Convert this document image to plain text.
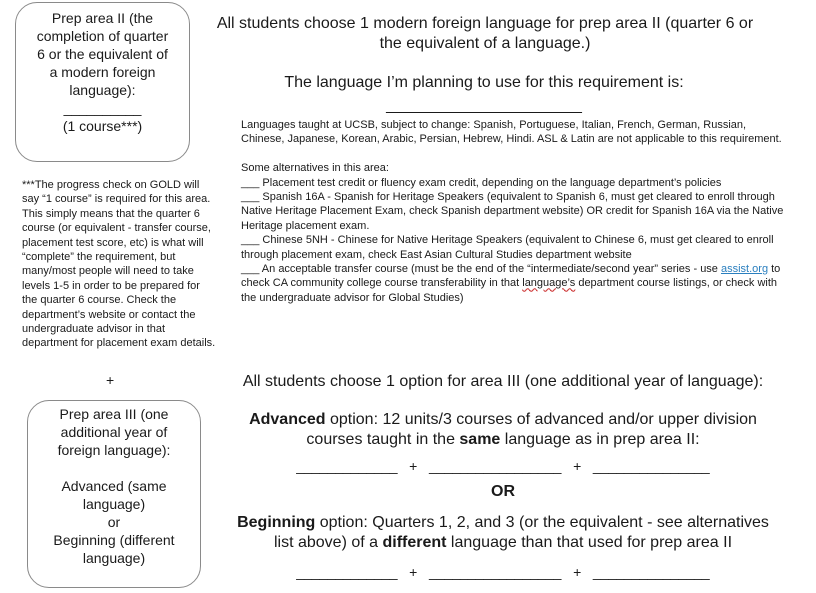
Prep area II (the completion of quarter 6 or the equivalent of a modern foreign language):

__________

(1 course***)

***The progress check on GOLD will say “1 course” is required for this area. This simply means that the quarter 6 course (or equivalent - transfer course, placement test score, etc) is what will “complete” the requirement, but many/most people will need to take levels 1-5 in order to be prepared for the quarter 6 course. Check the department’s website or contact the undergraduate advisor in that department for placement exam details.
+

Prep area III (one additional year of foreign language):

Advanced (same language)

or

Beginning (different language)

All students choose 1 modern foreign language for prep area II (quarter 6 or the equivalent of a language.)
The language I’m planning to use for this requirement is:
______________________

Languages taught at UCSB, subject to change: Spanish, Portuguese, Italian, French, German, Russian, Chinese, Japanese, Korean, Arabic, Persian, Hebrew, Hindi. ASL & Latin are not applicable to this requirement.

Some alternatives in this area:

___ Placement test credit or fluency exam credit, depending on the language department’s policies

___ Spanish 16A - Spanish for Heritage Speakers (equivalent to Spanish 6, must get cleared to enroll through Native Heritage Placement Exam, check Spanish department website) OR credit for Spanish 16A via the Native Heritage placement exam.

___ Chinese 5NH - Chinese for Native Heritage Speakers (equivalent to Chinese 6, must get cleared to enroll through placement exam, check East Asian Cultural Studies department website

___ An acceptable transfer course (must be the end of the “intermediate/second year” series - use assist.org to check CA community college course transferability in that language’s department course listings, or check with the undergraduate advisor for Global Studies)

All students choose 1 option for area III (one additional year of language):
Advanced option: 12 units/3 courses of advanced and/or upper division courses taught in the same language as in prep area II:
_____________   +   _________________   +   _______________
OR
Beginning option: Quarters 1, 2, and 3 (or the equivalent - see alternatives list above) of a different language than that used for prep area II
_____________   +   _________________   +   _______________
